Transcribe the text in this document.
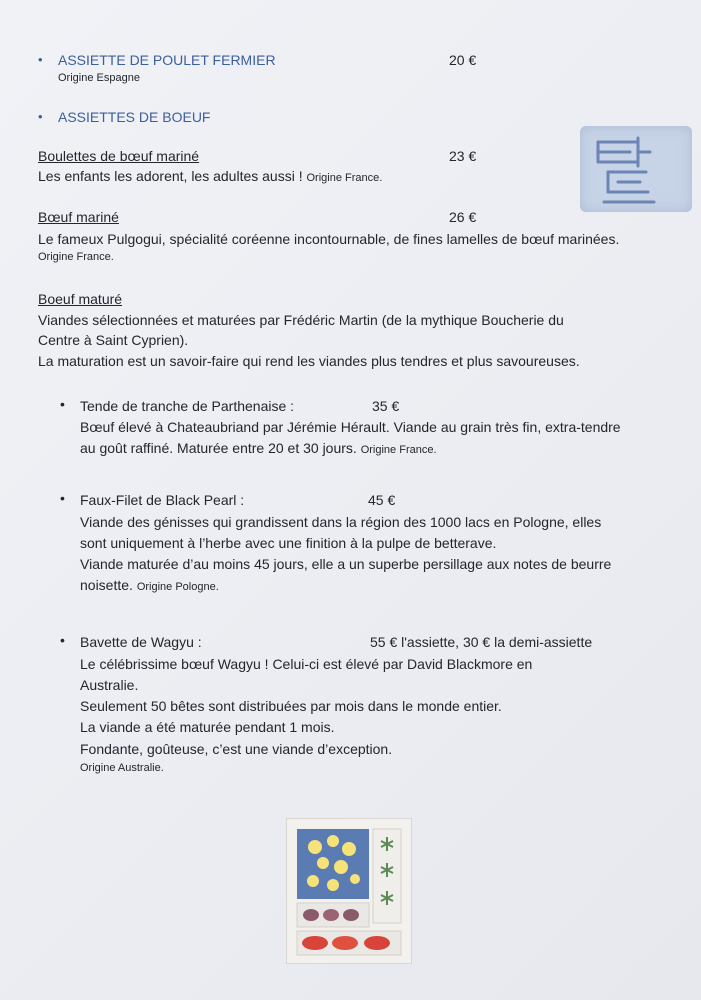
• ASSIETTE DE POULET FERMIER	20 €
Origine Espagne
• ASSIETTES DE BOEUF
Boulettes de bœuf mariné	23 €
Les enfants les adorent, les adultes aussi ! Origine France.
Bœuf mariné	26 €
Le fameux Pulgogui, spécialité coréenne incontournable, de fines lamelles de bœuf marinées.
Origine France.
Boeuf maturé
Viandes sélectionnées et maturées par Frédéric Martin (de la mythique Boucherie du
Centre à Saint Cyprien).
La maturation est un savoir-faire qui rend les viandes plus tendres et plus savoureuses.
• Tende de tranche de Parthenaise :	35 €
Bœuf élevé à Chateaubriand par Jérémie Hérault. Viande au grain très fin, extra-tendre
au goût raffiné. Maturée entre 20 et 30 jours. Origine France.
• Faux-Filet de Black Pearl :	45 €
Viande des génisses qui grandissent dans la région des 1000 lacs en Pologne, elles
sont uniquement à l’herbe avec une finition à la pulpe de betterave.
Viande maturée d’au moins 45 jours, elle a un superbe persillage aux notes de beurre
noisette. Origine Pologne.
• Bavette de Wagyu :	55 € l'assiette, 30 € la demi-assiette
Le célébrissime bœuf Wagyu ! Celui-ci est élevé par David Blackmore en
Australie.
Seulement 50 bêtes sont distribuées par mois dans le monde entier.
La viande a été maturée pendant 1 mois.
Fondante, goûteuse, c’est une viande d’exception.
Origine Australie.
